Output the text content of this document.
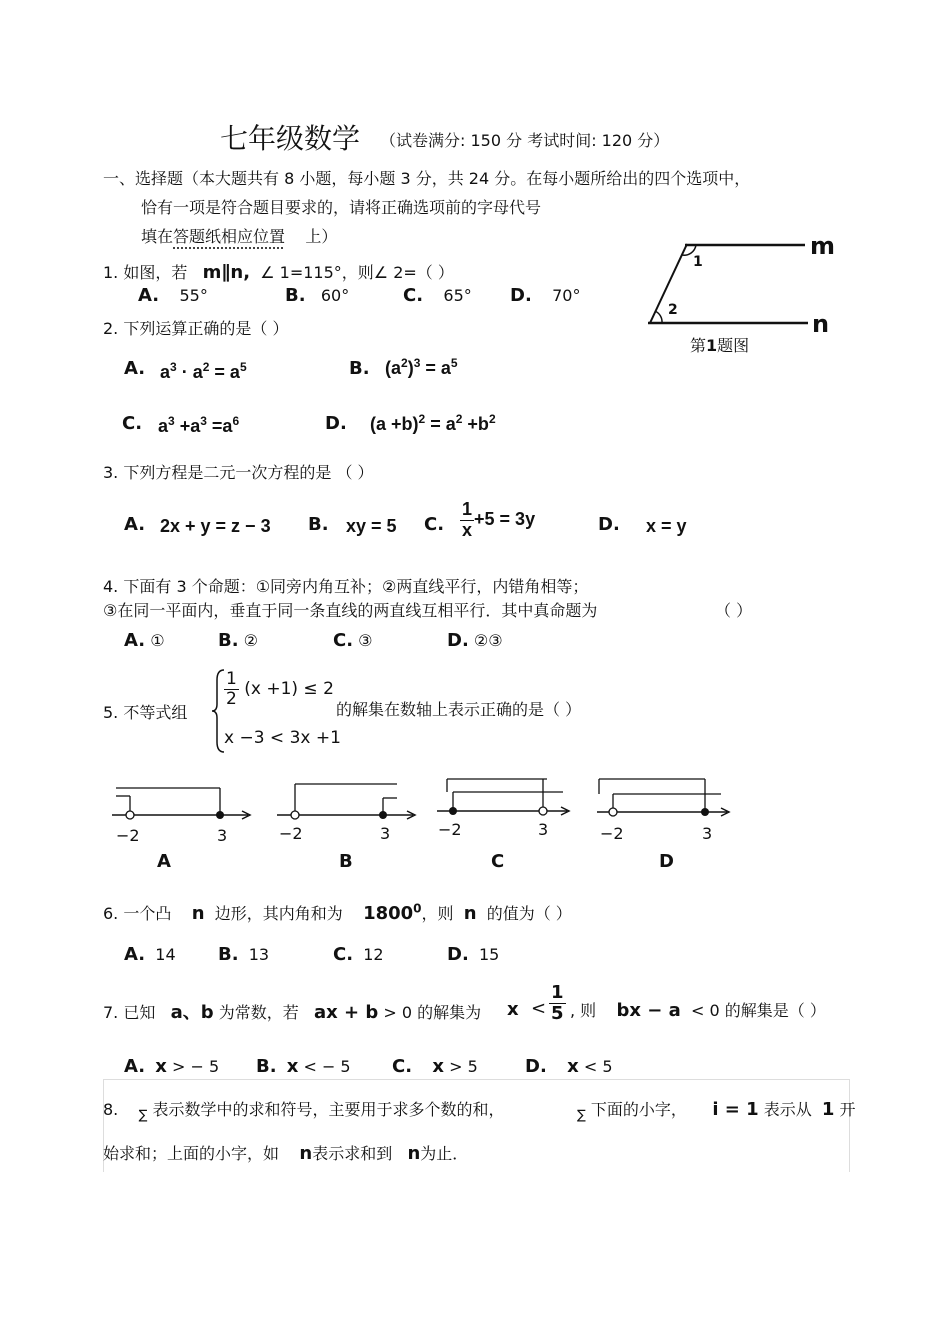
七年级数学 （试卷满分: 150 分 考试时间: 120 分）
一、选择题（本大题共有 8 小题，每小题 3 分，共 24 分。在每小题所给出的四个选项中，
恰有一项是符合题目要求的，请将正确选项前的字母代号
填在答题纸相应位置 上）	m
n
1
2
第1题图
1. 如图，若 m∥n, ∠ 1=115°，则∠ 2=（ ）
A. 55°	B. 60°	C. 65° D. 70°
2. 下列运算正确的是（ ）
A. $a^3 \cdot a^2 = a^5$	B. $(a^2)^3 = a^5$
C. $a^3 +a^3 =a^6$	D. $(a +b)^2 = a^2 +b^2$
3. 下列方程是二元一次方程的是 （ ）
A. 2x + y = z − 3 B. xy = 5 C. $\frac{1}{x} +5 = 3y$	D. x = y
4. 下面有 3 个命题：①同旁内角互补；②两直线平行，内错角相等；
③在同一平面内，垂直于同一条直线的两直线互相平行．其中真命题为	（ ）
A. ①	B. ②	C. ③	D. ②③
5. 不等式组
$\frac{1}{2} (x +1) \le 2$
x −3 < 3x +1
的解集在数轴上表示正确的是（ ）
−2	3
A
−2	3
B
−2	3
C
−2	3
D
6. 一个凸 n 边形，其内角和为 1800$^0$，则 n 的值为（ ）
A. 14 B. 13	C. 12	D. 15
7. 已知 a、b 为常数，若 ax + b > 0 的解集为 $x < \frac{1}{5}$ , 则 bx − a < 0 的解集是（ ）
A. x > − 5 B. x < − 5 C. x > 5	D. x < 5
8. $_\sum$ 表示数学中的求和符号，主要用于求多个数的和，	$_\sum$ 下面的小字， i = 1 表示从 1 开
始求和；上面的小字，如 n表示求和到 n为止．
